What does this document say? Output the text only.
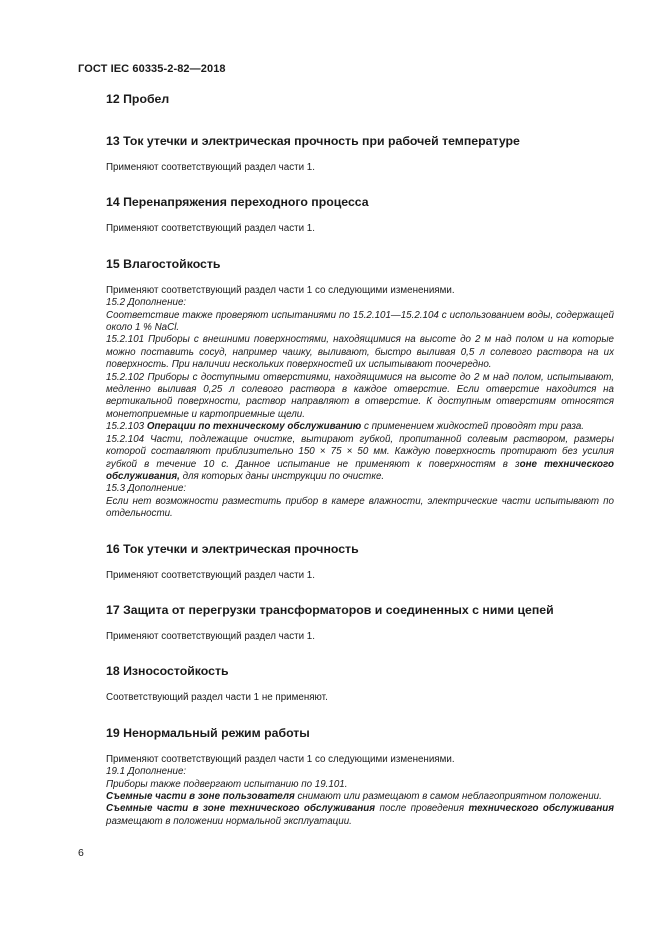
ГОСТ IEC 60335-2-82—2018
12 Пробел
13 Ток утечки и электрическая прочность при рабочей температуре

Применяют соответствующий раздел части 1.

14 Перенапряжения переходного процесса

Применяют соответствующий раздел части 1.

15 Влагостойкость

Применяют соответствующий раздел части 1 со следующими изменениями.

15.2 Дополнение:

Соответствие также проверяют испытаниями по 15.2.101—15.2.104 с использованием воды, содержащей около 1 % NaCl.

15.2.101 Приборы с внешними поверхностями, находящимися на высоте до 2 м над полом и на которые можно поставить сосуд, например чашку, выливают, быстро выливая 0,5 л солевого раствора на их поверхность. При наличии нескольких поверхностей их испытывают поочередно.

15.2.102 Приборы с доступными отверстиями, находящимися на высоте до 2 м над полом, испытывают, медленно выливая 0,25 л солевого раствора в каждое отверстие. Если отверстие находится на вертикальной поверхности, раствор направляют в отверстие. К доступным отверстиям относятся монетоприемные и картоприемные щели.

15.2.103 Операции по техническому обслуживанию с применением жидкостей проводят три раза.

15.2.104 Части, подлежащие очистке, вытирают губкой, пропитанной солевым раствором, размеры которой составляют приблизительно 150 × 75 × 50 мм. Каждую поверхность протирают без усилия губкой в течение 10 с. Данное испытание не применяют к поверхностям в зоне технического обслуживания, для которых даны инструкции по очистке.

15.3 Дополнение:

Если нет возможности разместить прибор в камере влажности, электрические части испытывают по отдельности.

16 Ток утечки и электрическая прочность

Применяют соответствующий раздел части 1.

17 Защита от перегрузки трансформаторов и соединенных с ними цепей

Применяют соответствующий раздел части 1.

18 Износостойкость

Соответствующий раздел части 1 не применяют.

19 Ненормальный режим работы

Применяют соответствующий раздел части 1 со следующими изменениями.

19.1 Дополнение:

Приборы также подвергают испытанию по 19.101.

Съемные части в зоне пользователя снимают или размещают в самом неблагоприятном положении.

Съемные части в зоне технического обслуживания после проведения технического обслуживания размещают в положении нормальной эксплуатации.

6
